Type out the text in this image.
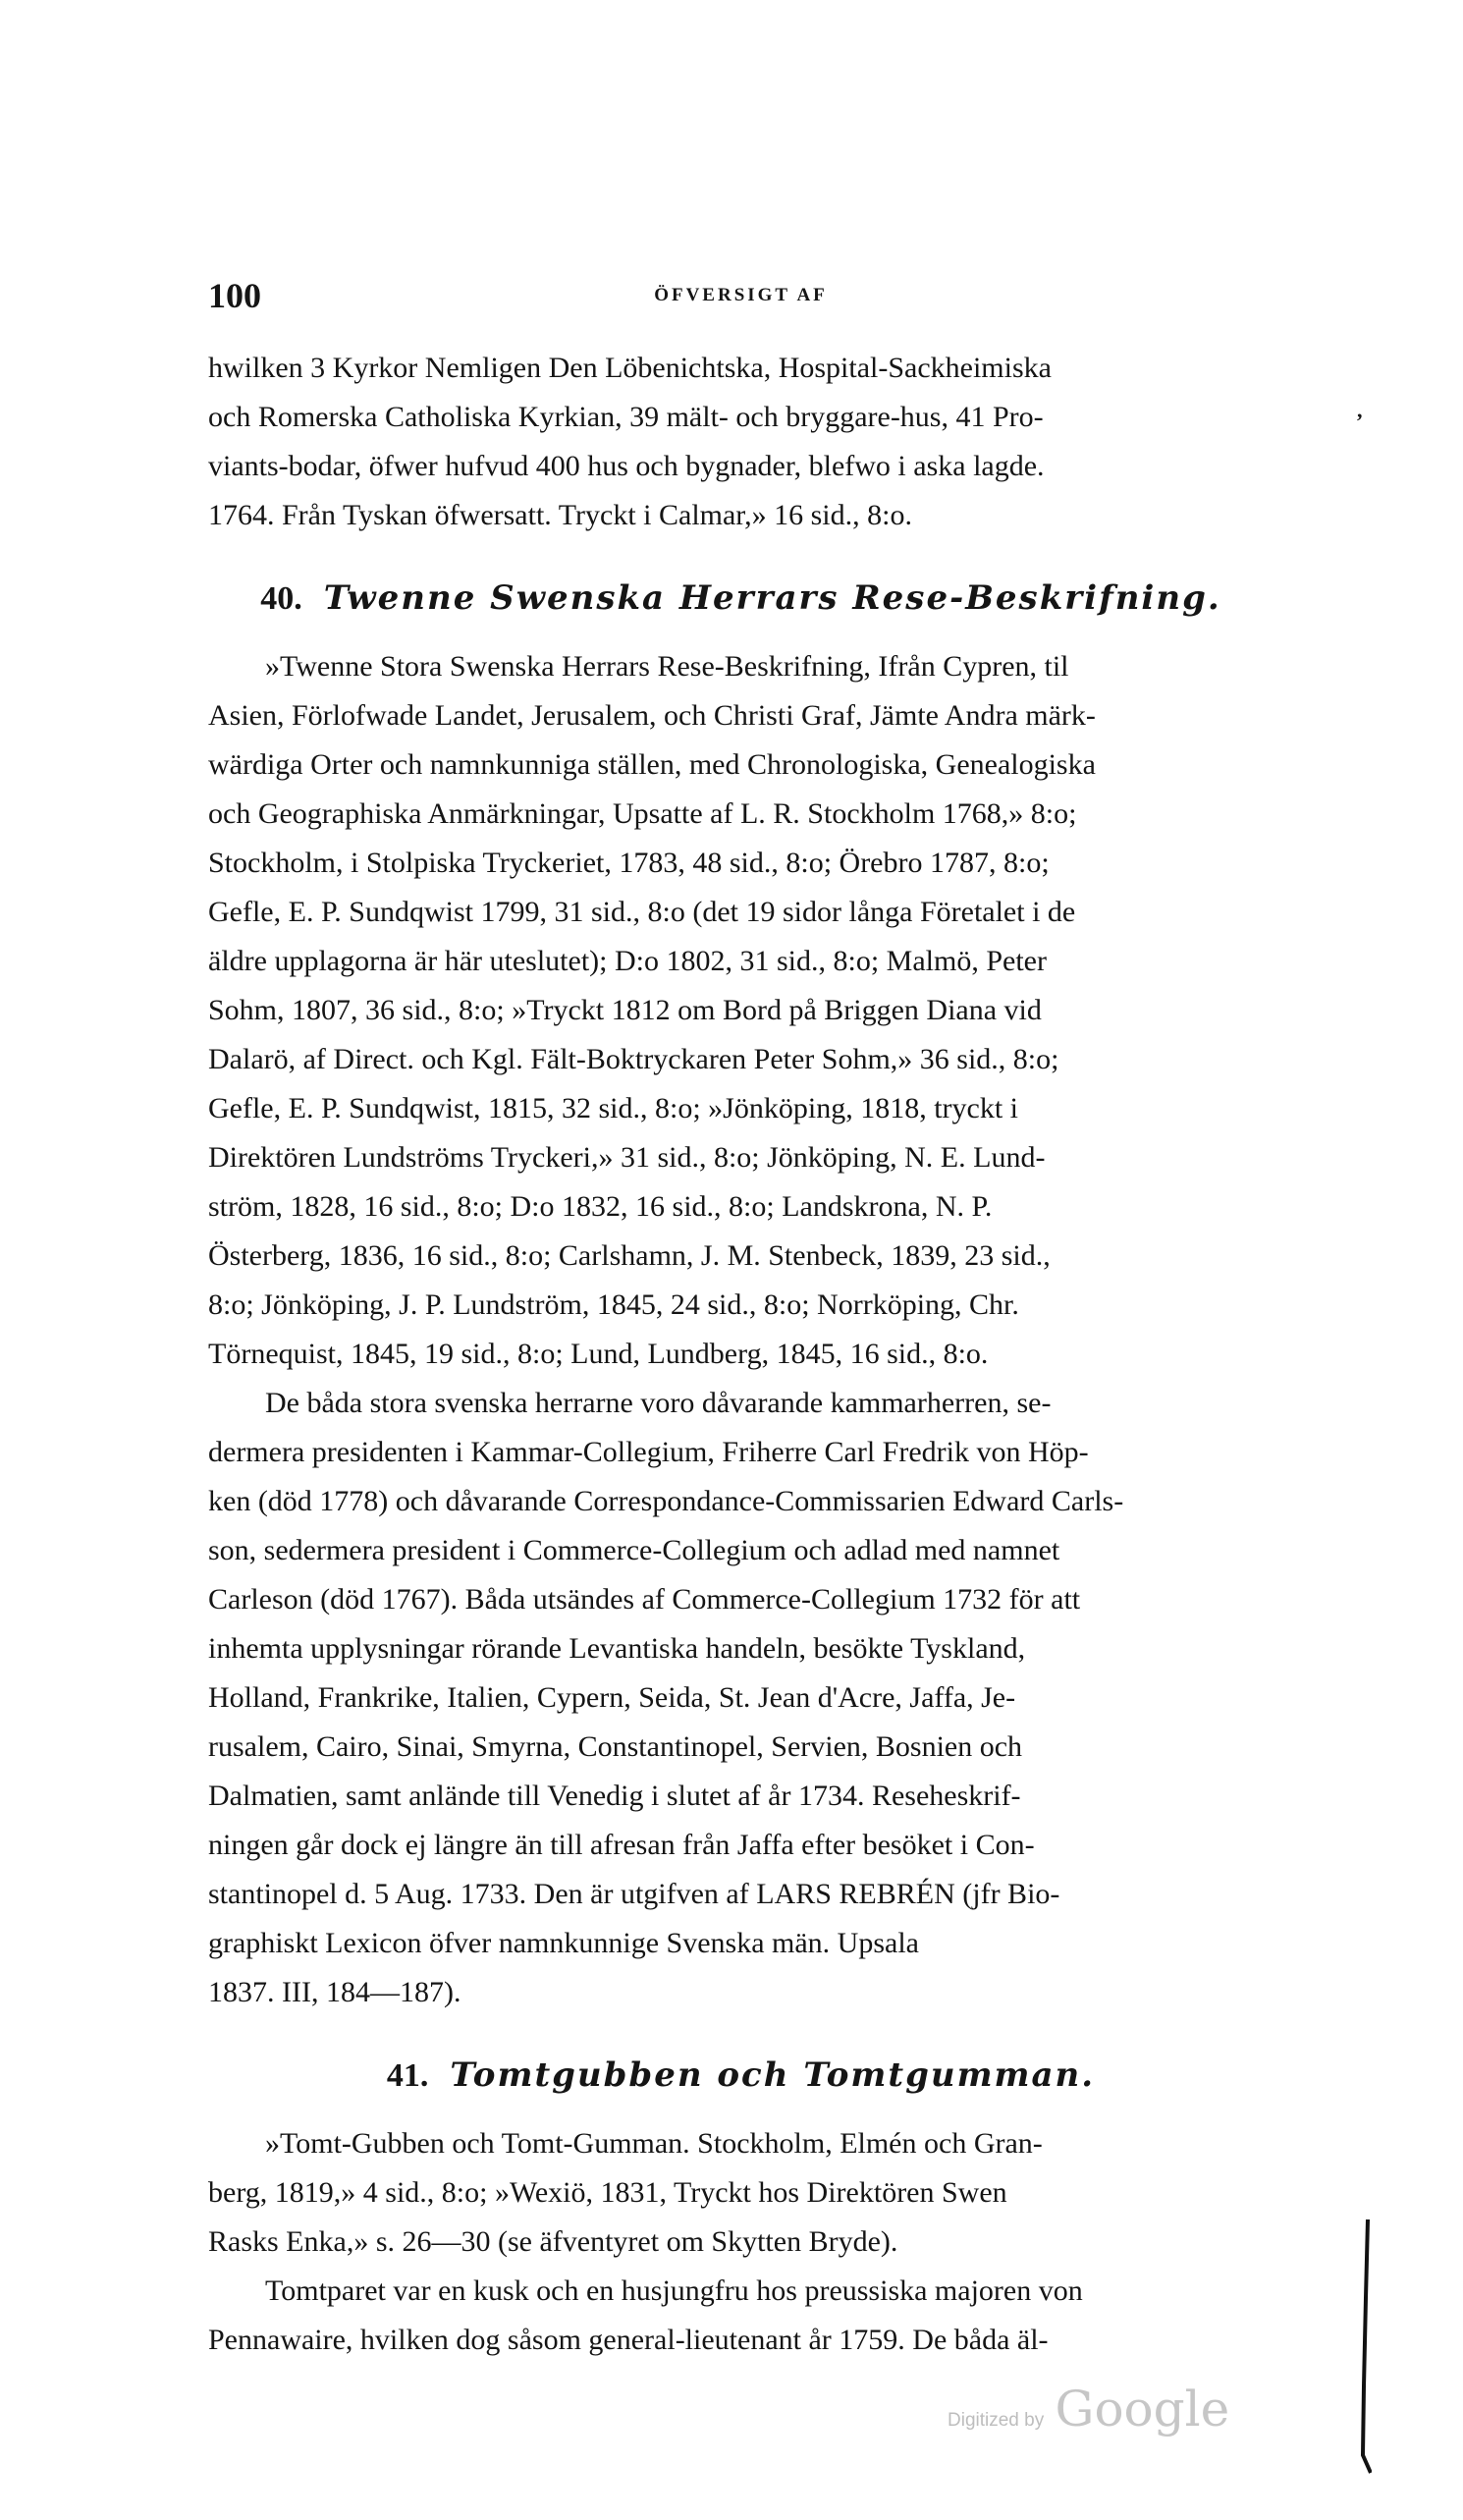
100	ÖFVERSIGT AF
,
hwilken 3 Kyrkor Nemligen Den Löbenichtska, Hospital-Sackheimiska
och Romerska Catholiska Kyrkian, 39 mält- och bryggare-hus, 41 Pro-
viants-bodar, öfwer hufvud 400 hus och bygnader, blefwo i aska lagde.
1764. Från Tyskan öfwersatt. Tryckt i Calmar,» 16 sid., 8:o.
40. Twenne Swenska Herrars Rese-Beskrifning.
»Twenne Stora Swenska Herrars Rese-Beskrifning, Ifrån Cypren, til
Asien, Förlofwade Landet, Jerusalem, och Christi Graf, Jämte Andra märk-
wärdiga Orter och namnkunniga ställen, med Chronologiska, Genealogiska
och Geographiska Anmärkningar, Upsatte af L. R. Stockholm 1768,» 8:o;
Stockholm, i Stolpiska Tryckeriet, 1783, 48 sid., 8:o; Örebro 1787, 8:o;
Gefle, E. P. Sundqwist 1799, 31 sid., 8:o (det 19 sidor långa Företalet i de
äldre upplagorna är här uteslutet); D:o 1802, 31 sid., 8:o; Malmö, Peter
Sohm, 1807, 36 sid., 8:o; »Tryckt 1812 om Bord på Briggen Diana vid
Dalarö, af Direct. och Kgl. Fält-Boktryckaren Peter Sohm,» 36 sid., 8:o;
Gefle, E. P. Sundqwist, 1815, 32 sid., 8:o; »Jönköping, 1818, tryckt i
Direktören Lundströms Tryckeri,» 31 sid., 8:o; Jönköping, N. E. Lund-
ström, 1828, 16 sid., 8:o; D:o 1832, 16 sid., 8:o; Landskrona, N. P.
Österberg, 1836, 16 sid., 8:o; Carlshamn, J. M. Stenbeck, 1839, 23 sid.,
8:o; Jönköping, J. P. Lundström, 1845, 24 sid., 8:o; Norrköping, Chr.
Törnequist, 1845, 19 sid., 8:o; Lund, Lundberg, 1845, 16 sid., 8:o.
De båda stora svenska herrarne voro dåvarande kammarherren, se-
dermera presidenten i Kammar-Collegium, Friherre Carl Fredrik von Höp-
ken (död 1778) och dåvarande Correspondance-Commissarien Edward Carls-
son, sedermera president i Commerce-Collegium och adlad med namnet
Carleson (död 1767). Båda utsändes af Commerce-Collegium 1732 för att
inhemta upplysningar rörande Levantiska handeln, besökte Tyskland,
Holland, Frankrike, Italien, Cypern, Seida, St. Jean d'Acre, Jaffa, Je-
rusalem, Cairo, Sinai, Smyrna, Constantinopel, Servien, Bosnien och
Dalmatien, samt anlände till Venedig i slutet af år 1734. Reseheskrif-
ningen går dock ej längre än till afresan från Jaffa efter besöket i Con-
stantinopel d. 5 Aug. 1733. Den är utgifven af LARS REBRÉN (jfr Bio-
graphiskt Lexicon öfver namnkunnige Svenska män. Upsala
1837. III, 184—187).
41. Tomtgubben och Tomtgumman.
»Tomt-Gubben och Tomt-Gumman. Stockholm, Elmén och Gran-
berg, 1819,» 4 sid., 8:o; »Wexiö, 1831, Tryckt hos Direktören Swen
Rasks Enka,» s. 26—30 (se äfventyret om Skytten Bryde).
Tomtparet var en kusk och en husjungfru hos preussiska majoren von
Pennawaire, hvilken dog såsom general-lieutenant år 1759. De båda äl-
Digitized by Google
